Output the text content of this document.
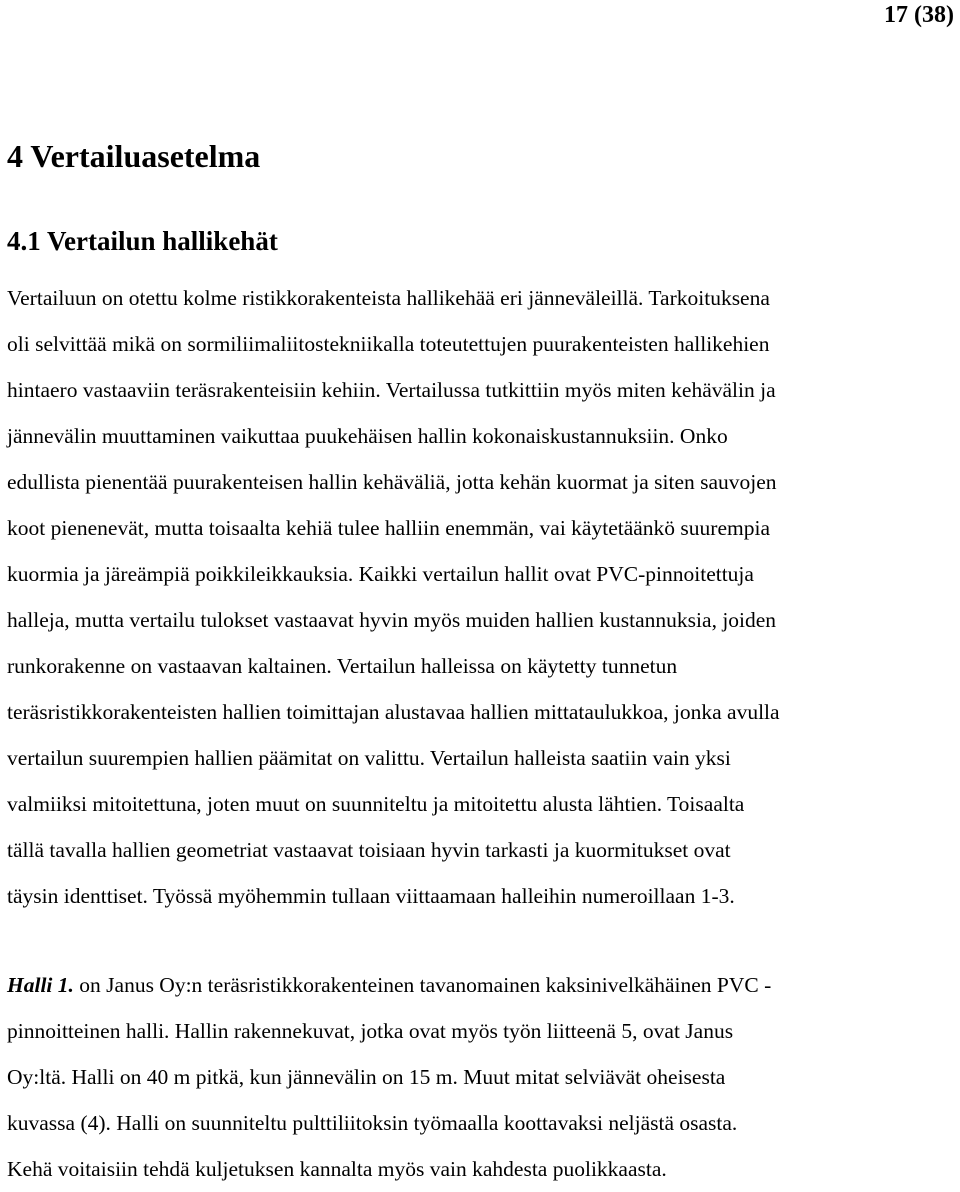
17 (38)
4 Vertailuasetelma
4.1 Vertailun hallikehät

Vertailuun on otettu kolme ristikkorakenteista hallikehää eri jänneväleillä. Tarkoituksena
oli selvittää mikä on sormiliimaliitostekniikalla toteutettujen puurakenteisten hallikehien
hintaero vastaaviin teräsrakenteisiin kehiin. Vertailussa tutkittiin myös miten kehävälin ja
jännevälin muuttaminen vaikuttaa puukehäisen hallin kokonaiskustannuksiin. Onko
edullista pienentää puurakenteisen hallin kehäväliä, jotta kehän kuormat ja siten sauvojen
koot pienenevät, mutta toisaalta kehiä tulee halliin enemmän, vai käytetäänkö suurempia
kuormia ja järeämpiä poikkileikkauksia. Kaikki vertailun hallit ovat PVC-pinnoitettuja
halleja, mutta vertailu tulokset vastaavat hyvin myös muiden hallien kustannuksia, joiden
runkorakenne on vastaavan kaltainen. Vertailun halleissa on käytetty tunnetun
teräsristikkorakenteisten hallien toimittajan alustavaa hallien mittataulukkoa, jonka avulla
vertailun suurempien hallien päämitat on valittu. Vertailun halleista saatiin vain yksi
valmiiksi mitoitettuna, joten muut on suunniteltu ja mitoitettu alusta lähtien. Toisaalta
tällä tavalla hallien geometriat vastaavat toisiaan hyvin tarkasti ja kuormitukset ovat
täysin identtiset. Työssä myöhemmin tullaan viittaamaan halleihin numeroillaan 1-3.

Halli 1. on Janus Oy:n teräsristikkorakenteinen tavanomainen kaksinivelkähäinen PVC -
pinnoitteinen halli. Hallin rakennekuvat, jotka ovat myös työn liitteenä 5, ovat Janus
Oy:ltä. Halli on 40 m pitkä, kun jännevälin on 15 m. Muut mitat selviävät oheisesta
kuvassa (4). Halli on suunniteltu pulttiliitoksin työmaalla koottavaksi neljästä osasta.
Kehä voitaisiin tehdä kuljetuksen kannalta myös vain kahdesta puolikkaasta.
